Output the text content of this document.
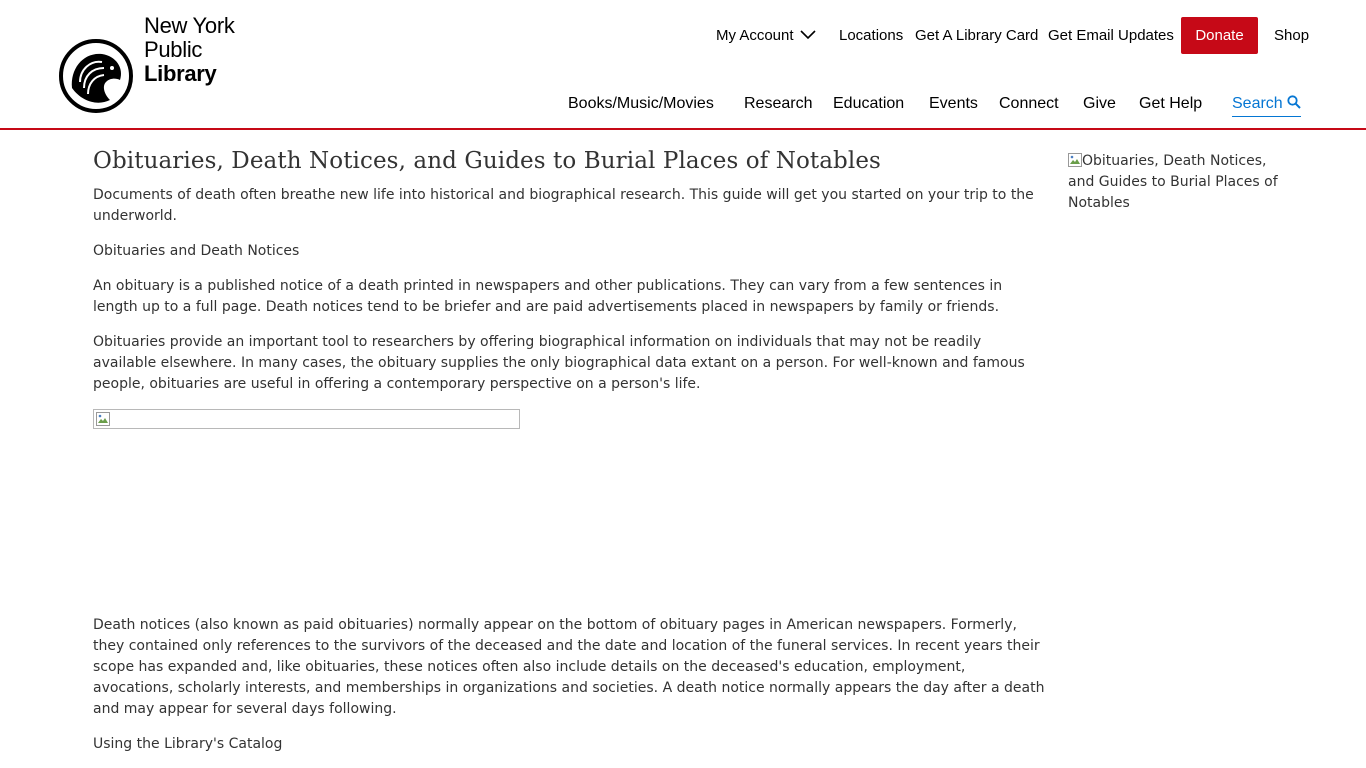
New York
Public
Library
My Account	Locations Get A Library Card Get Email Updates	Donate	Shop
Books/Music/Movies Research Education Events Connect Give Get Help Search
Obituaries, Death Notices, and Guides to Burial Places of Notables

Documents of death often breathe new life into historical and biographical research. This guide will get you started on your trip to the underworld.

Obituaries and Death Notices

An obituary is a published notice of a death printed in newspapers and other publications. They can vary from a few sentences in length up to a full page. Death notices tend to be briefer and are paid advertisements placed in newspapers by family or friends.

Obituaries provide an important tool to researchers by offering biographical information on individuals that may not be readily available elsewhere. In many cases, the obituary supplies the only biographical data extant on a person. For well-known and famous people, obituaries are useful in offering a contemporary perspective on a person's life.

Death notices (also known as paid obituaries) normally appear on the bottom of obituary pages in American newspapers. Formerly, they contained only references to the survivors of the deceased and the date and location of the funeral services. In recent years their scope has expanded and, like obituaries, these notices often also include details on the deceased's education, employment, avocations, scholarly interests, and memberships in organizations and societies. A death notice normally appears the day after a death and may appear for several days following.

Using the Library's Catalog

Obituaries, Death Notices, and Guides to Burial Places of Notables
